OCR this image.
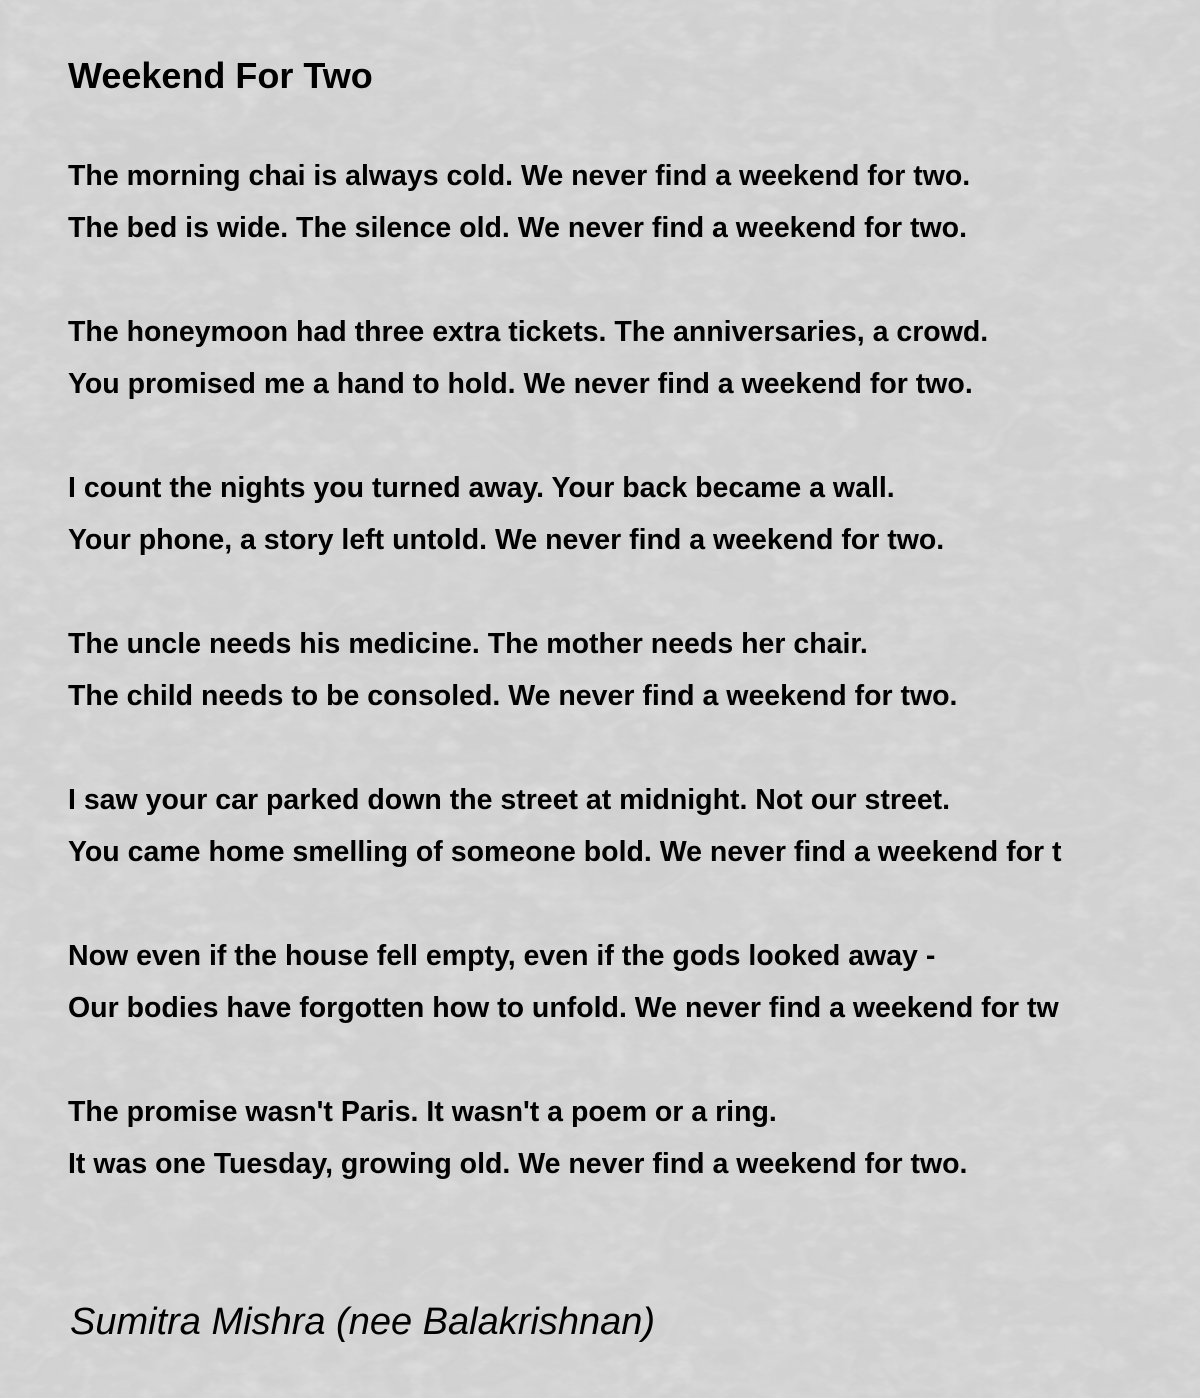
Weekend For Two
The morning chai is always cold. We never find a weekend for two.
The bed is wide. The silence old. We never find a weekend for two.
The honeymoon had three extra tickets. The anniversaries, a crowd.
You promised me a hand to hold. We never find a weekend for two.
I count the nights you turned away. Your back became a wall.
Your phone, a story left untold. We never find a weekend for two.
The uncle needs his medicine. The mother needs her chair.
The child needs to be consoled. We never find a weekend for two.
I saw your car parked down the street at midnight. Not our street.
You came home smelling of someone bold. We never find a weekend for t
Now even if the house fell empty, even if the gods looked away -
Our bodies have forgotten how to unfold. We never find a weekend for tw
The promise wasn't Paris. It wasn't a poem or a ring.
It was one Tuesday, growing old. We never find a weekend for two.

Sumitra Mishra (nee Balakrishnan)
